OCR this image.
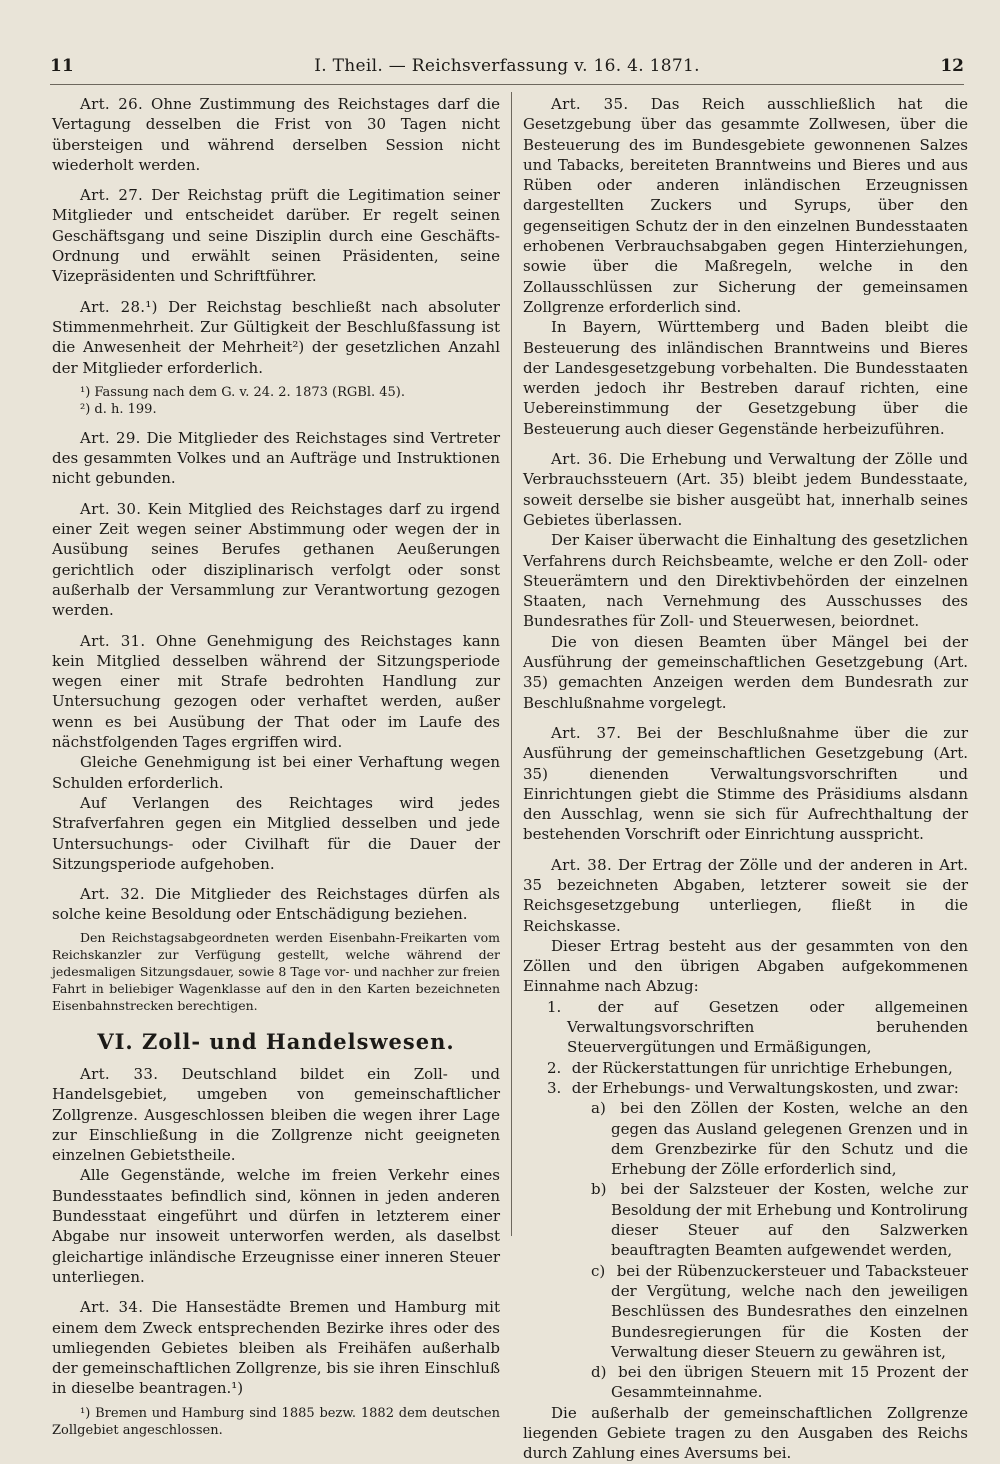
11	I. Theil. — Reichsverfassung v. 16. 4. 1871.	12

Art. 26. Ohne Zustimmung des Reichstages darf die Vertagung desselben die Frist von 30 Tagen nicht übersteigen und während derselben Session nicht wiederholt werden.

Art. 27. Der Reichstag prüft die Legitimation seiner Mitglieder und entscheidet darüber. Er regelt seinen Geschäftsgang und seine Disziplin durch eine Geschäfts-Ordnung und erwählt seinen Präsidenten, seine Vizepräsidenten und Schriftführer.

Art. 28.¹) Der Reichstag beschließt nach absoluter Stimmenmehrheit. Zur Gültigkeit der Beschlußfassung ist die Anwesenheit der Mehrheit²) der gesetzlichen Anzahl der Mitglieder erforderlich.

¹) Fassung nach dem G. v. 24. 2. 1873 (RGBl. 45).

²) d. h. 199.

Art. 29. Die Mitglieder des Reichstages sind Vertreter des gesammten Volkes und an Aufträge und Instruktionen nicht gebunden.

Art. 30. Kein Mitglied des Reichstages darf zu irgend einer Zeit wegen seiner Abstimmung oder wegen der in Ausübung seines Berufes gethanen Aeußerungen gerichtlich oder disziplinarisch verfolgt oder sonst außerhalb der Versammlung zur Verantwortung gezogen werden.

Art. 31. Ohne Genehmigung des Reichstages kann kein Mitglied desselben während der Sitzungsperiode wegen einer mit Strafe bedrohten Handlung zur Untersuchung gezogen oder verhaftet werden, außer wenn es bei Ausübung der That oder im Laufe des nächstfolgenden Tages ergriffen wird.

Gleiche Genehmigung ist bei einer Verhaftung wegen Schulden erforderlich.

Auf Verlangen des Reichtages wird jedes Strafverfahren gegen ein Mitglied desselben und jede Untersuchungs- oder Civilhaft für die Dauer der Sitzungsperiode aufgehoben.

Art. 32. Die Mitglieder des Reichstages dürfen als solche keine Besoldung oder Entschädigung beziehen.

Den Reichstagsabgeordneten werden Eisenbahn-Freikarten vom Reichskanzler zur Verfügung gestellt, welche während der jedesmaligen Sitzungsdauer, sowie 8 Tage vor- und nachher zur freien Fahrt in beliebiger Wagenklasse auf den in den Karten bezeichneten Eisenbahnstrecken berechtigen.

VI. Zoll- und Handelswesen.

Art. 33. Deutschland bildet ein Zoll- und Handelsgebiet, umgeben von gemeinschaftlicher Zollgrenze. Ausgeschlossen bleiben die wegen ihrer Lage zur Einschließung in die Zollgrenze nicht geeigneten einzelnen Gebietstheile.

Alle Gegenstände, welche im freien Verkehr eines Bundesstaates befindlich sind, können in jeden anderen Bundesstaat eingeführt und dürfen in letzterem einer Abgabe nur insoweit unterworfen werden, als daselbst gleichartige inländische Erzeugnisse einer inneren Steuer unterliegen.

Art. 34. Die Hansestädte Bremen und Hamburg mit einem dem Zweck entsprechenden Bezirke ihres oder des umliegenden Gebietes bleiben als Freihäfen außerhalb der gemeinschaftlichen Zollgrenze, bis sie ihren Einschluß in dieselbe beantragen.¹)

¹) Bremen und Hamburg sind 1885 bezw. 1882 dem deutschen Zollgebiet angeschlossen.

Art. 35. Das Reich ausschließlich hat die Gesetzgebung über das gesammte Zollwesen, über die Besteuerung des im Bundesgebiete gewonnenen Salzes und Tabacks, bereiteten Branntweins und Bieres und aus Rüben oder anderen inländischen Erzeugnissen dargestellten Zuckers und Syrups, über den gegenseitigen Schutz der in den einzelnen Bundesstaaten erhobenen Verbrauchsabgaben gegen Hinterziehungen, sowie über die Maßregeln, welche in den Zollausschlüssen zur Sicherung der gemeinsamen Zollgrenze erforderlich sind.

In Bayern, Württemberg und Baden bleibt die Besteuerung des inländischen Branntweins und Bieres der Landesgesetzgebung vorbehalten. Die Bundesstaaten werden jedoch ihr Bestreben darauf richten, eine Uebereinstimmung der Gesetzgebung über die Besteuerung auch dieser Gegenstände herbeizuführen.

Art. 36. Die Erhebung und Verwaltung der Zölle und Verbrauchssteuern (Art. 35) bleibt jedem Bundesstaate, soweit derselbe sie bisher ausgeübt hat, innerhalb seines Gebietes überlassen.

Der Kaiser überwacht die Einhaltung des gesetzlichen Verfahrens durch Reichsbeamte, welche er den Zoll- oder Steuerämtern und den Direktivbehörden der einzelnen Staaten, nach Vernehmung des Ausschusses des Bundesrathes für Zoll- und Steuerwesen, beiordnet.

Die von diesen Beamten über Mängel bei der Ausführung der gemeinschaftlichen Gesetzgebung (Art. 35) gemachten Anzeigen werden dem Bundesrath zur Beschlußnahme vorgelegt.

Art. 37. Bei der Beschlußnahme über die zur Ausführung der gemeinschaftlichen Gesetzgebung (Art. 35) dienenden Verwaltungsvorschriften und Einrichtungen giebt die Stimme des Präsidiums alsdann den Ausschlag, wenn sie sich für Aufrechthaltung der bestehenden Vorschrift oder Einrichtung ausspricht.

Art. 38. Der Ertrag der Zölle und der anderen in Art. 35 bezeichneten Abgaben, letzterer soweit sie der Reichsgesetzgebung unterliegen, fließt in die Reichskasse.

Dieser Ertrag besteht aus der gesammten von den Zöllen und den übrigen Abgaben aufgekommenen Einnahme nach Abzug:

1. der auf Gesetzen oder allgemeinen Verwaltungsvorschriften beruhenden Steuervergütungen und Ermäßigungen,
2. der Rückerstattungen für unrichtige Erhebungen,
3. der Erhebungs- und Verwaltungskosten, und zwar:
a) bei den Zöllen der Kosten, welche an den gegen das Ausland gelegenen Grenzen und in dem Grenzbezirke für den Schutz und die Erhebung der Zölle erforderlich sind,
b) bei der Salzsteuer der Kosten, welche zur Besoldung der mit Erhebung und Kontrolirung dieser Steuer auf den Salzwerken beauftragten Beamten aufgewendet werden,
c) bei der Rübenzuckersteuer und Tabacksteuer der Vergütung, welche nach den jeweiligen Beschlüssen des Bundesrathes den einzelnen Bundesregierungen für die Kosten der Verwaltung dieser Steuern zu gewähren ist,
d) bei den übrigen Steuern mit 15 Prozent der Gesammteinnahme.

Die außerhalb der gemeinschaftlichen Zollgrenze liegenden Gebiete tragen zu den Ausgaben des Reichs durch Zahlung eines Aversums bei.
